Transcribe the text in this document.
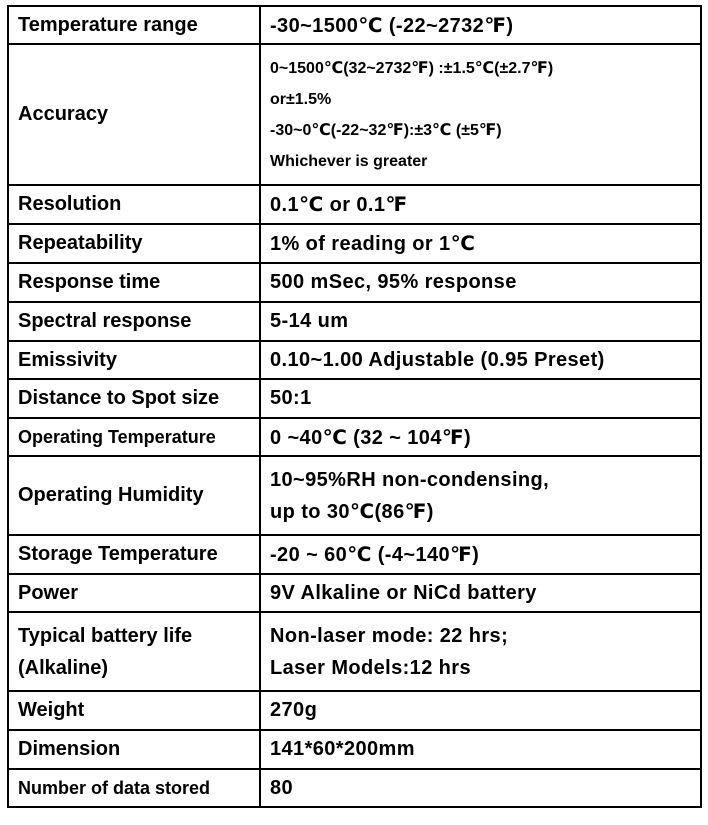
Temperature range	-30~1500℃ (-22~2732℉)
Accuracy	0~1500℃(32~2732℉) :±1.5℃(±2.7℉)
or±1.5%
-30~0℃(-22~32℉):±3℃ (±5℉)
Whichever is greater

Resolution	0.1℃ or 0.1℉
Repeatability	1% of reading or 1℃
Response time	500 mSec, 95% response
Spectral response	5-14 um
Emissivity	0.10~1.00 Adjustable (0.95 Preset)
Distance to Spot size	50:1
Operating Temperature	0 ~40℃ (32 ~ 104℉)
Operating Humidity	10~95%RH non-condensing,
up to 30℃(86℉)

Storage Temperature	-20 ~ 60℃ (-4~140℉)
Power	9V Alkaline or NiCd battery

Typical battery life
(Alkaline)	Non-laser mode: 22 hrs;
Laser Models:12 hrs

Weight	270g
Dimension	141*60*200mm
Number of data stored	80
